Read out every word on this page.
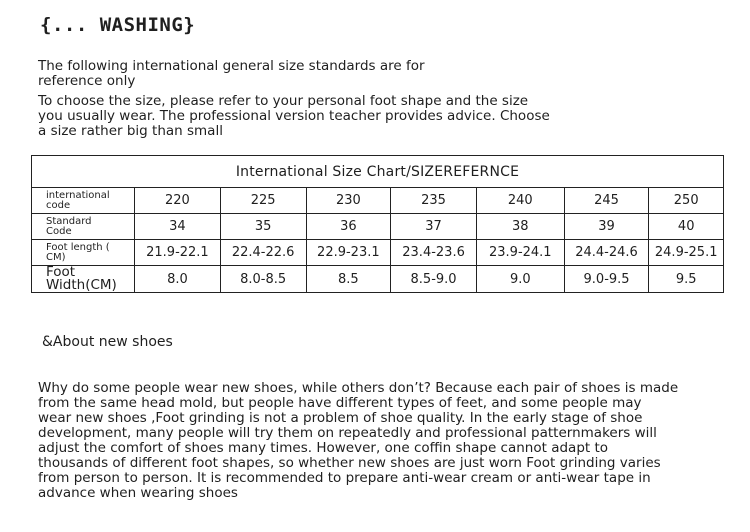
{... WASHING}

The following international general size standards are for
reference only

To choose the size, please refer to your personal foot shape and the size
you usually wear. The professional version teacher provides advice. Choose
a size rather big than small

International Size Chart/SIZEREFERNCE							
international
code	220	225	230	235	240	245	250
Standard
Code	34	35	36	37	38	39	40
Foot length (
CM)	21.9-22.1	22.4-22.6	22.9-23.1	23.4-23.6	23.9-24.1	24.4-24.6	24.9-25.1
Foot
Width(CM)	8.0	8.0-8.5	8.5	8.5-9.0	9.0	9.0-9.5	9.5
&About new shoes

Why do some people wear new shoes, while others don’t? Because each pair of shoes is made
from the same head mold, but people have different types of feet, and some people may
wear new shoes ,Foot grinding is not a problem of shoe quality. In the early stage of shoe
development, many people will try them on repeatedly and professional patternmakers will
adjust the comfort of shoes many times. However, one coffin shape cannot adapt to
thousands of different foot shapes, so whether new shoes are just worn Foot grinding varies
from person to person. It is recommended to prepare anti-wear cream or anti-wear tape in
advance when wearing shoes
